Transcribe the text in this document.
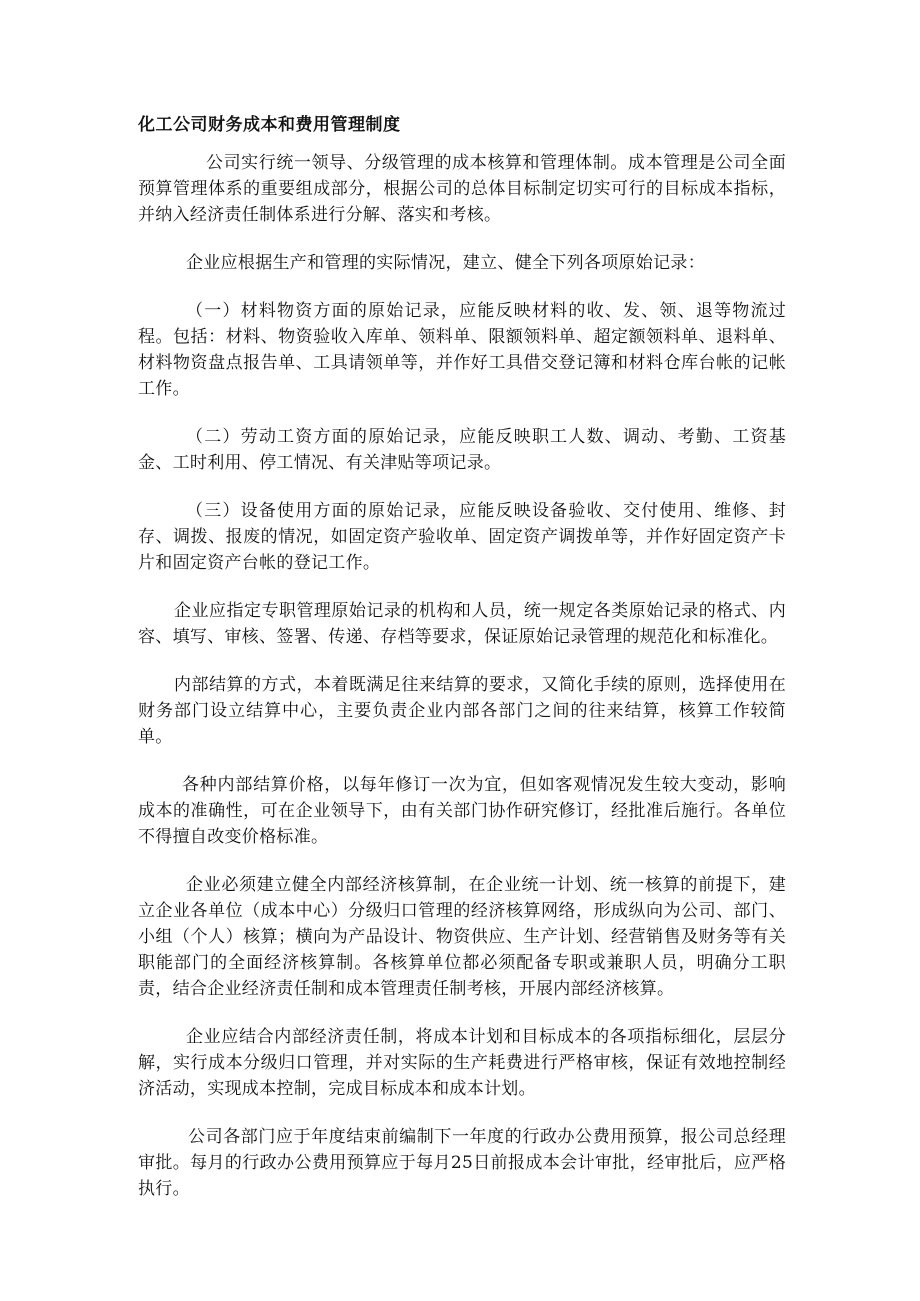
化工公司财务成本和费用管理制度

公司实行统一领导、分级管理的成本核算和管理体制。成本管理是公司全面预算管理体系的重要组成部分，根据公司的总体目标制定切实可行的目标成本指标，并纳入经济责任制体系进行分解、落实和考核。

企业应根据生产和管理的实际情况，建立、健全下列各项原始记录：

（一）材料物资方面的原始记录，应能反映材料的收、发、领、退等物流过程。包括：材料、物资验收入库单、领料单、限额领料单、超定额领料单、退料单、材料物资盘点报告单、工具请领单等，并作好工具借交登记簿和材料仓库台帐的记帐工作。

（二）劳动工资方面的原始记录，应能反映职工人数、调动、考勤、工资基金、工时利用、停工情况、有关津贴等项记录。

（三）设备使用方面的原始记录，应能反映设备验收、交付使用、维修、封存、调拨、报废的情况，如固定资产验收单、固定资产调拨单等，并作好固定资产卡片和固定资产台帐的登记工作。

企业应指定专职管理原始记录的机构和人员，统一规定各类原始记录的格式、内容、填写、审核、签署、传递、存档等要求，保证原始记录管理的规范化和标准化。

内部结算的方式，本着既满足往来结算的要求，又简化手续的原则，选择使用在财务部门设立结算中心，主要负责企业内部各部门之间的往来结算，核算工作较简单。

各种内部结算价格，以每年修订一次为宜，但如客观情况发生较大变动，影响成本的准确性，可在企业领导下，由有关部门协作研究修订，经批准后施行。各单位不得擅自改变价格标准。

企业必须建立健全内部经济核算制，在企业统一计划、统一核算的前提下，建立企业各单位（成本中心）分级归口管理的经济核算网络，形成纵向为公司、部门、小组（个人）核算；横向为产品设计、物资供应、生产计划、经营销售及财务等有关职能部门的全面经济核算制。各核算单位都必须配备专职或兼职人员，明确分工职责，结合企业经济责任制和成本管理责任制考核，开展内部经济核算。

企业应结合内部经济责任制，将成本计划和目标成本的各项指标细化，层层分解，实行成本分级归口管理，并对实际的生产耗费进行严格审核，保证有效地控制经济活动，实现成本控制，完成目标成本和成本计划。

公司各部门应于年度结束前编制下一年度的行政办公费用预算，报公司总经理审批。每月的行政办公费用预算应于每月25日前报成本会计审批，经审批后，应严格执行。
